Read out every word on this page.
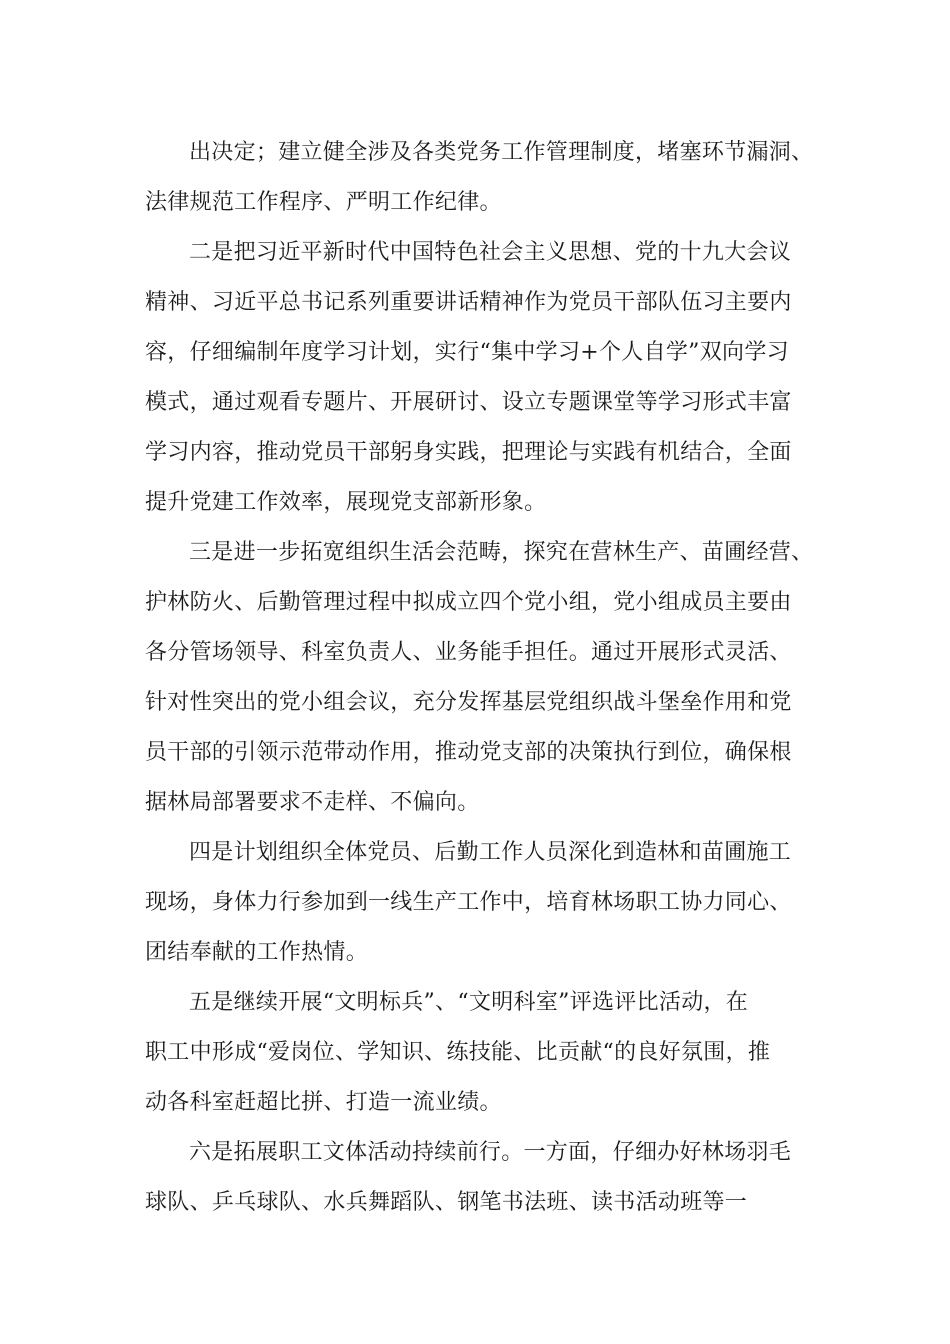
出决定；建立健全涉及各类党务工作管理制度，堵塞环节漏洞、
法律规范工作程序、严明工作纪律。
二是把习近平新时代中国特色社会主义思想、党的十九大会议
精神、习近平总书记系列重要讲话精神作为党员干部队伍习主要内
容，仔细编制年度学习计划，实行“集中学习+个人自学”双向学习
模式，通过观看专题片、开展研讨、设立专题课堂等学习形式丰富
学习内容，推动党员干部躬身实践，把理论与实践有机结合，全面
提升党建工作效率，展现党支部新形象。
三是进一步拓宽组织生活会范畴，探究在营林生产、苗圃经营、
护林防火、后勤管理过程中拟成立四个党小组，党小组成员主要由
各分管场领导、科室负责人、业务能手担任。通过开展形式灵活、
针对性突出的党小组会议，充分发挥基层党组织战斗堡垒作用和党
员干部的引领示范带动作用，推动党支部的决策执行到位，确保根
据林局部署要求不走样、不偏向。
四是计划组织全体党员、后勤工作人员深化到造林和苗圃施工
现场，身体力行参加到一线生产工作中，培育林场职工协力同心、
团结奉献的工作热情。
五是继续开展“文明标兵”、“文明科室”评选评比活动，在
职工中形成“爱岗位、学知识、练技能、比贡献“的良好氛围，推
动各科室赶超比拼、打造一流业绩。
六是拓展职工文体活动持续前行。一方面，仔细办好林场羽毛
球队、乒乓球队、水兵舞蹈队、钢笔书法班、读书活动班等一
